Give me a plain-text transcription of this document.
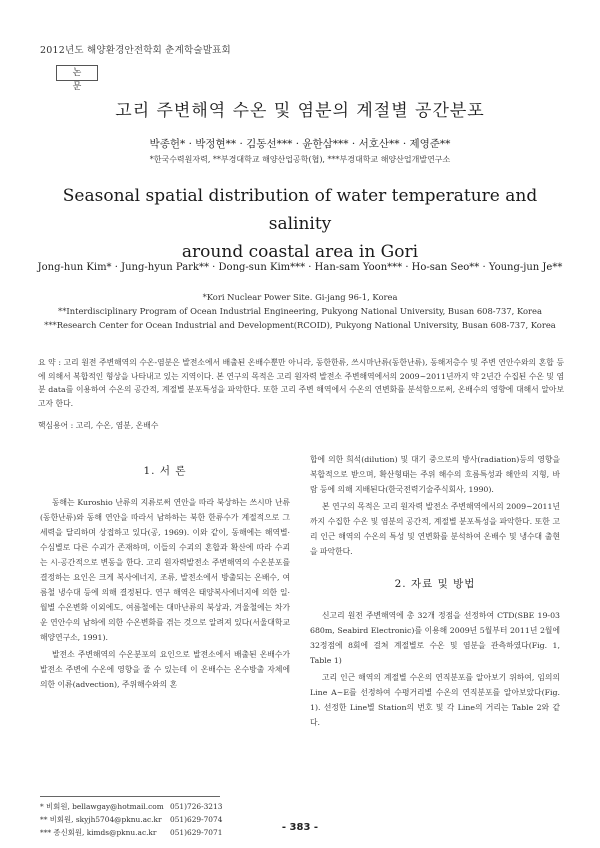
2012년도 해양환경안전학회 춘계학술발표회
논 문
고리 주변해역 수온 및 염분의 계절별 공간분포
박종헌* · 박정현** · 김동선*** · 윤한삼*** · 서호산** · 제영준**
*한국수력원자력, **부경대학교 해양산업공학(협), ***부경대학교 해양산업개발연구소
Seasonal spatial distribution of water temperature and salinity
around coastal area in Gori
Jong-hun Kim* · Jung-hyun Park** · Dong-sun Kim*** · Han-sam Yoon*** · Ho-san Seo** · Young-jun Je**
*Kori Nuclear Power Site. Gi-jang 96-1, Korea
**Interdisciplinary Program of Ocean Industrial Engineering, Pukyong National University, Busan 608-737, Korea
***Research Center for Ocean Industrial and Development(RCOID), Pukyong National University, Busan 608-737, Korea
요 약 : 고리 원전 주변해역의 수온-염분은 발전소에서 배출된 온배수뿐만 아니라, 동한한류, 쓰시마난류(동한난류), 동해저층수 및 주변 연안수와의 혼합 등에 의해서 복합적인 형상을 나타내고 있는 지역이다. 본 연구의 목적은 고리 원자력 발전소 주변해역에서의 2009~2011년까지 약 2년간 수집된 수온 및 염분 data를 이용하여 수온의 공간적, 계절별 분포특성을 파악한다. 또한 고리 주변 해역에서 수온의 연변화를 분석함으로써, 온배수의 영향에 대해서 알아보고자 한다.
핵심용어 : 고리, 수온, 염분, 온배수
1. 서 론

동해는 Kuroshio 난류의 지류로써 연안을 따라 북상하는 쓰시마 난류(동한난류)와 동해 연안을 따라서 남하하는 북한 한류수가 계절적으로 그 세력을 달리하며 상접하고 있다(공, 1969). 이와 같이, 동해에는 해역별·수심별로 다른 수괴가 존재하며, 이들의 수괴의 혼합과 확산에 따라 수괴는 시·공간적으로 변동을 한다. 고리 원자력발전소 주변해역의 수온분포를 결정하는 요인은 크게 복사에너지, 조류, 발전소에서 방출되는 온배수, 여름철 냉수대 등에 의해 결정된다. 연구 해역은 태양복사에너지에 의한 일·월별 수온변화 이외에도, 여름철에는 대마난류의 북상과, 겨울철에는 차가운 연안수의 남하에 의한 수온변화를 겪는 것으로 알려져 있다(서울대학교 해양연구소, 1991).

발전소 주변해역의 수온분포의 요인으로 발전소에서 배출된 온배수가 발전소 주변에 수온에 영향을 줄 수 있는데 이 온배수는 온수방출 자체에 의한 이류(advection), 주위해수와의 혼

합에 의한 희석(dilution) 및 대기 중으로의 방사(radiation)등의 영향을 복합적으로 받으며, 확산형태는 주위 해수의 흐름특성과 해안의 지형, 바람 등에 의해 지배된다(한국전력기술주식회사, 1990).

본 연구의 목적은 고리 원자력 발전소 주변해역에서의 2009~2011년까지 수집한 수온 및 염분의 공간적, 계절별 분포특성을 파악한다. 또한 고리 인근 해역의 수온의 특성 및 연변화를 분석하여 온배수 및 냉수대 출현을 파악한다.

2. 자료 및 방법

신고리 원전 주변해역에 총 32개 정점을 선정하여 CTD(SBE 19-03 680m, Seabird Electronic)를 이용해 2009년 5월부터 2011년 2월에 32정점에 8회에 걸쳐 계절별로 수온 및 염분을 관측하였다(Fig. 1, Table 1)

고리 인근 해역의 계절별 수온의 연직분포를 알아보기 위하여, 임의의 Line A~E를 선정하여 수평거리별 수온의 연직분포를 알아보았다(Fig. 1). 선정한 Line별 Station의 번호 및 각 Line의 거리는 Table 2와 같다.

* 비회원, bellawgay@hotmail.com 051)726-3213
** 비회원, skyjh5704@pknu.ac.kr	051)629-7074
*** 종신회원, kimds@pknu.ac.kr	051)629-7071	- 383 -
